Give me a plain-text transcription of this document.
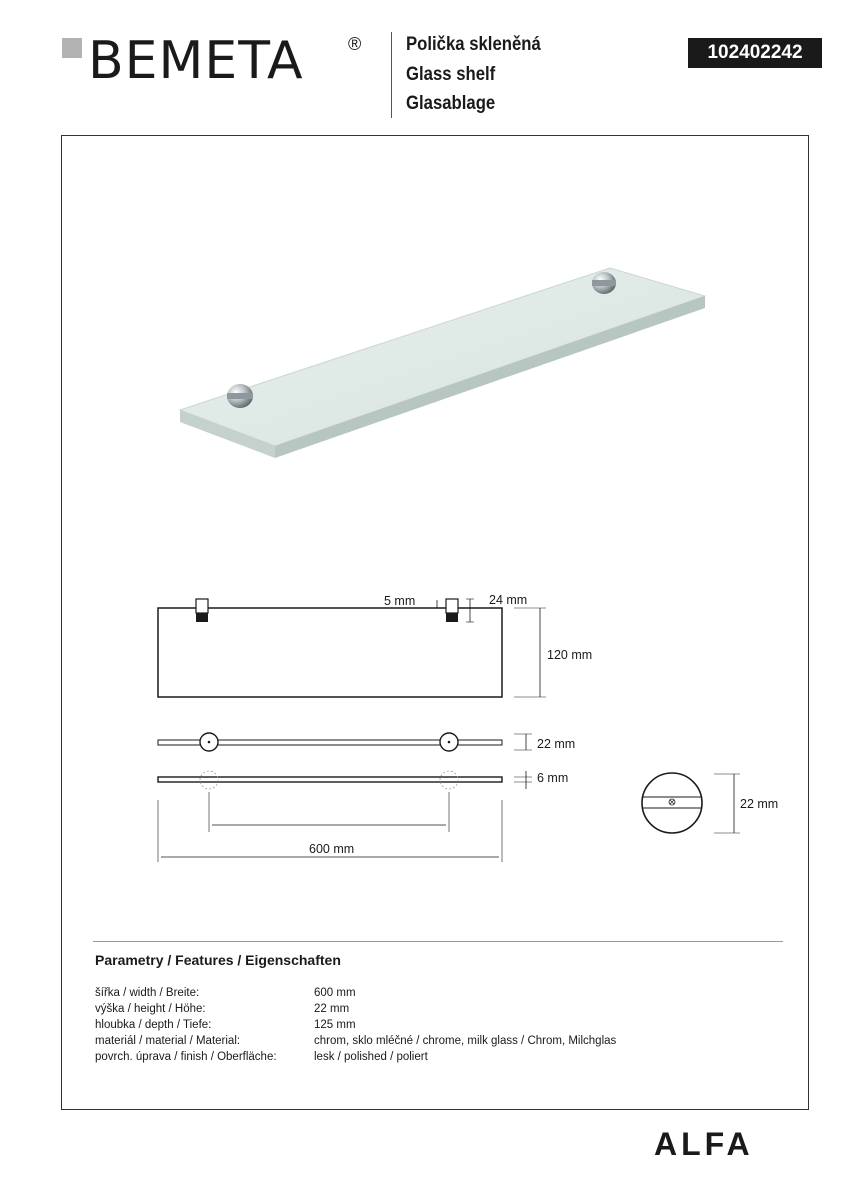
BEMETA ® Polička skleněná
Glass shelf
Glasablage
102402242
5 mm	24 mm
120 mm
22 mm
6 mm
600 mm
22 mm
Parametry / Features / Eigenschaften
šířka / width / Breite:	600 mm
výška / height / Höhe:	22 mm
hloubka / depth / Tiefe:	125 mm
materiál / material / Material:	chrom, sklo mléčné / chrome, milk glass / Chrom, Milchglas
povrch. úprava / finish / Oberfläche:	lesk / polished / poliert
ALFA
